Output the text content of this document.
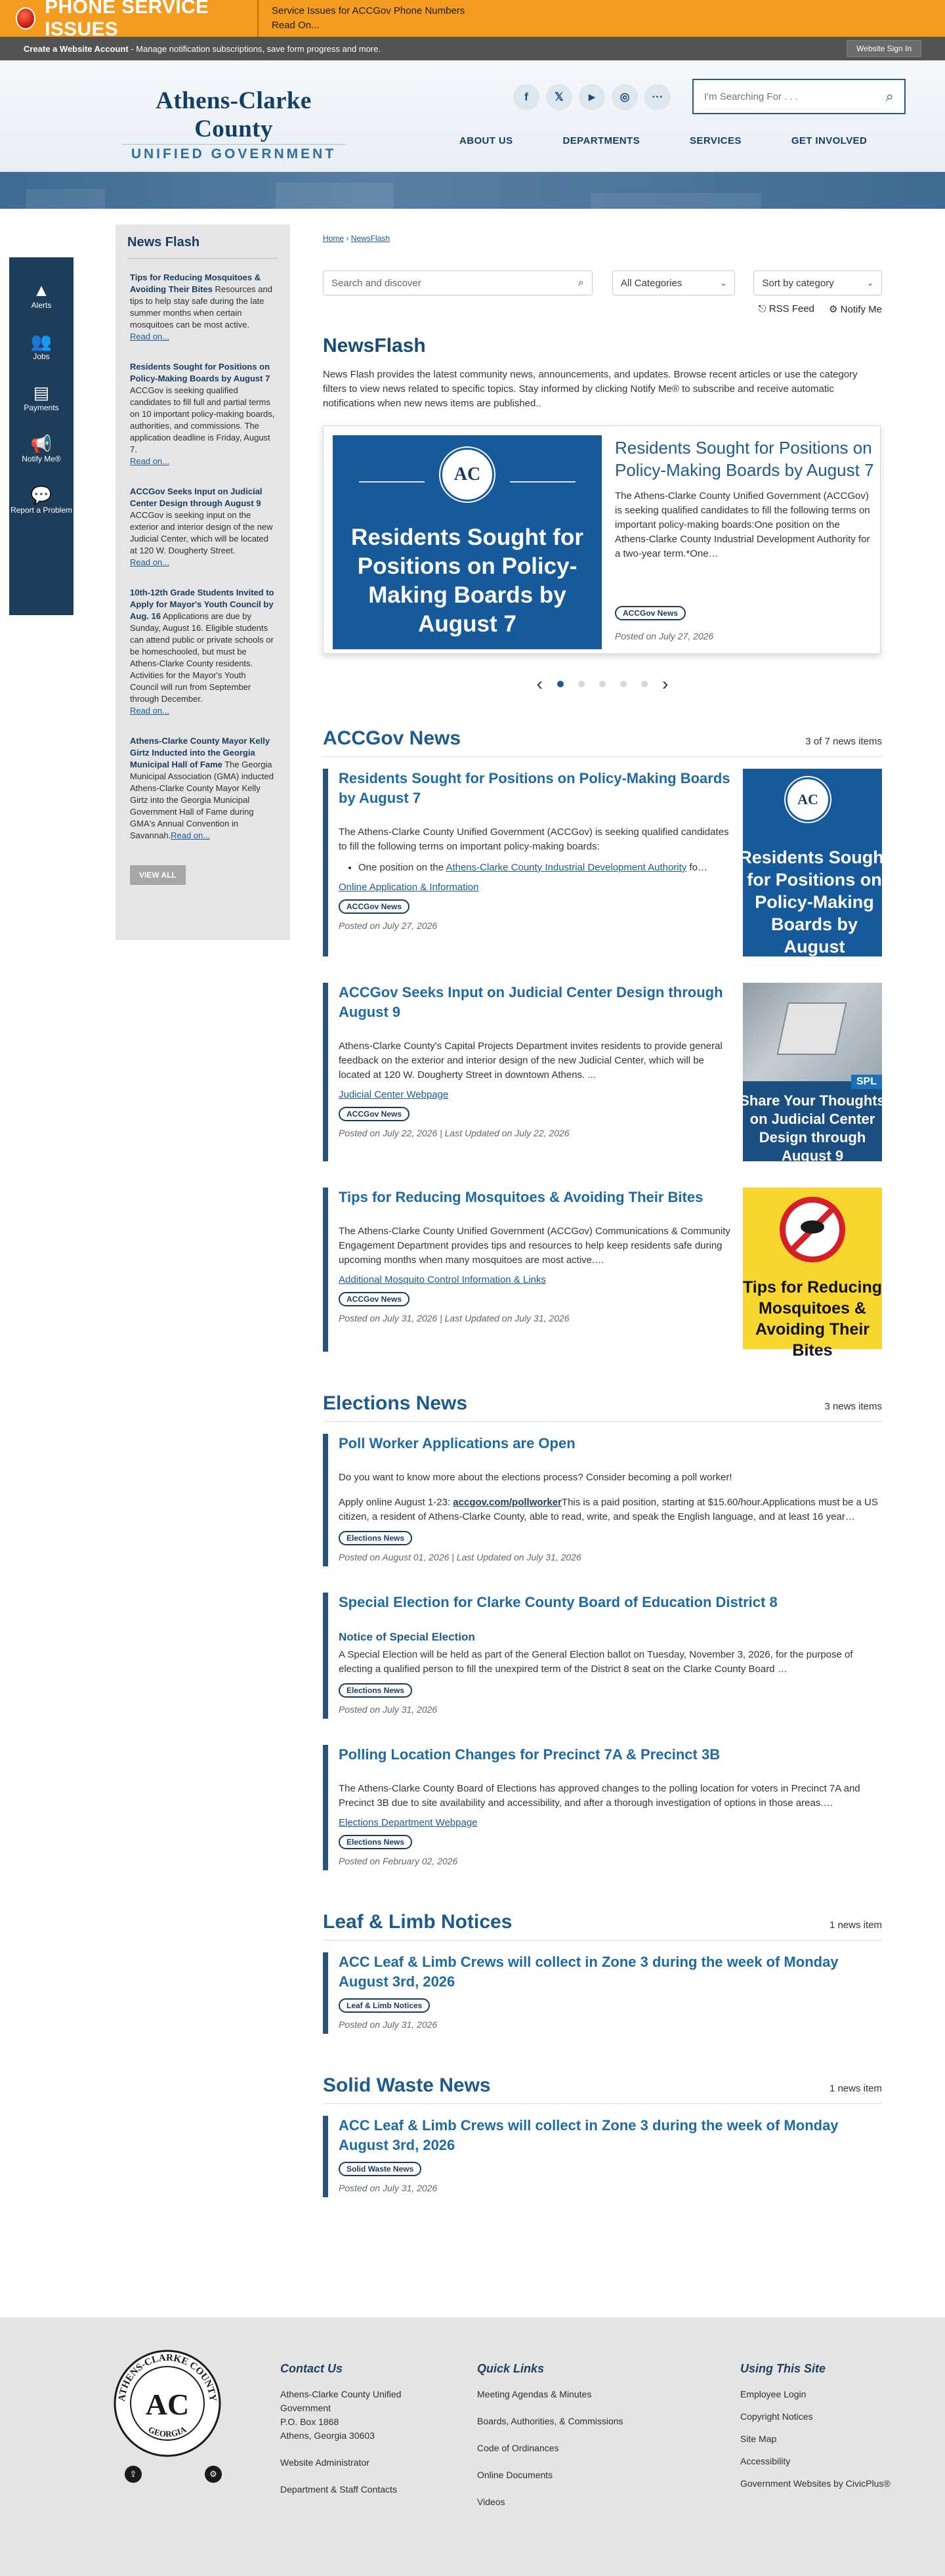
PHONE SERVICE ISSUES
Service Issues for ACCGov Phone Numbers
Read On...
Create a Website Account - Manage notification subscriptions, save form progress and more.	Website Sign In
Athens-Clarke County
UNIFIED GOVERNMENT
f	𝕏	▶	◎	···
I'm Searching For . . .	⌕
ABOUT US	DEPARTMENTS	SERVICES	GET INVOLVED
▲
Alerts
👥
Jobs
▤
Payments
📢
Notify Me®
💬
Report a Problem
News Flash
Tips for Reducing Mosquitoes & Avoiding Their Bites Resources and tips to help stay safe during the late summer months when certain mosquitoes can be most active.
Read on...
Residents Sought for Positions on Policy-Making Boards by August 7 ACCGov is seeking qualified candidates to fill full and partial terms on 10 important policy-making boards, authorities, and commissions. The application deadline is Friday, August 7.
Read on...
ACCGov Seeks Input on Judicial Center Design through August 9 ACCGov is seeking input on the exterior and interior design of the new Judicial Center, which will be located at 120 W. Dougherty Street.
Read on...
10th-12th Grade Students Invited to Apply for Mayor's Youth Council by Aug. 16 Applications are due by Sunday, August 16. Eligible students can attend public or private schools or be homeschooled, but must be Athens-Clarke County residents. Activities for the Mayor's Youth Council will run from September through December.
Read on...
Athens-Clarke County Mayor Kelly Girtz Inducted into the Georgia Municipal Hall of Fame The Georgia Municipal Association (GMA) inducted Athens-Clarke County Mayor Kelly Girtz into the Georgia Municipal Government Hall of Fame during GMA's Annual Convention in Savannah.Read on...
VIEW ALL
Home › NewsFlash
Search and discover	⌕	All Categories	⌄	Sort by category	⌄
⎋ RSS Feed ⚙ Notify Me
NewsFlash

News Flash provides the latest community news, announcements, and updates. Browse recent articles or use the category filters to view news related to specific topics. Stay informed by clicking Notify Me® to subscribe and receive automatic notifications when new news items are published..

AC
Residents Sought for Positions on Policy-Making Boards by August 7
Residents Sought for Positions on Policy-Making Boards by August 7
The Athens-Clarke County Unified Government (ACCGov) is seeking qualified candidates to fill the following terms on important policy-making boards:One position on the Athens-Clarke County Industrial Development Authority for a two-year term.*One…
ACCGov News
Posted on July 27, 2026
‹	›
ACCGov News	3 of 7 news items
Residents Sought for Positions on Policy-Making Boards by August 7

The Athens-Clarke County Unified Government (ACCGov) is seeking qualified candidates to fill the following terms on important policy-making boards:

• One position on the Athens-Clarke County Industrial Development Authority fo…
Online Application & Information
ACCGov News
Posted on July 27, 2026
AC
Residents Sought for Positions on Policy-Making Boards by August
ACCGov Seeks Input on Judicial Center Design through August 9

Athens-Clarke County's Capital Projects Department invites residents to provide general feedback on the exterior and interior design of the new Judicial Center, which will be located at 120 W. Dougherty Street in downtown Athens. ...

Judicial Center Webpage
ACCGov News
Posted on July 22, 2026 | Last Updated on July 22, 2026
SPL
Share Your Thoughts on Judicial Center Design through August 9
Tips for Reducing Mosquitoes & Avoiding Their Bites

The Athens-Clarke County Unified Government (ACCGov) Communications & Community Engagement Department provides tips and resources to help keep residents safe during upcoming months when many mosquitoes are most active.…

Additional Mosquito Control Information & Links
ACCGov News
Posted on July 31, 2026 | Last Updated on July 31, 2026
Tips for Reducing Mosquitoes & Avoiding Their Bites
Elections News	3 news items
Poll Worker Applications are Open

Do you want to know more about the elections process? Consider becoming a poll worker!

Apply online August 1-23: accgov.com/pollworkerThis is a paid position, starting at $15.60/hour.Applications must be a US citizen, a resident of Athens-Clarke County, able to read, write, and speak the English language, and at least 16 year…

Elections News
Posted on August 01, 2026 | Last Updated on July 31, 2026
Special Election for Clarke County Board of Education District 8
Notice of Special Election

A Special Election will be held as part of the General Election ballot on Tuesday, November 3, 2026, for the purpose of electing a qualified person to fill the unexpired term of the District 8 seat on the Clarke County Board …

Elections News
Posted on July 31, 2026
Polling Location Changes for Precinct 7A & Precinct 3B

The Athens-Clarke County Board of Elections has approved changes to the polling location for voters in Precinct 7A and Precinct 3B due to site availability and accessibility, and after a thorough investigation of options in those areas.…

Elections Department Webpage
Elections News
Posted on February 02, 2026
Leaf & Limb Notices	1 news item
ACC Leaf & Limb Crews will collect in Zone 3 during the week of Monday August 3rd, 2026
Leaf & Limb Notices
Posted on July 31, 2026
Solid Waste News	1 news item
ACC Leaf & Limb Crews will collect in Zone 3 during the week of Monday August 3rd, 2026
Solid Waste News
Posted on July 31, 2026
ATHENS-CLARKE COUNTY
GEORGIA
AC
⇪	⚙
Contact Us
Athens-Clarke County Unified Government
P.O. Box 1868
Athens, Georgia 30603
Website Administrator
Department & Staff Contacts
Quick Links
Meeting Agendas & Minutes
Boards, Authorities, & Commissions
Code of Ordinances
Online Documents
Videos
Using This Site
Employee Login
Copyright Notices
Site Map
Accessibility
Government Websites by CivicPlus®
